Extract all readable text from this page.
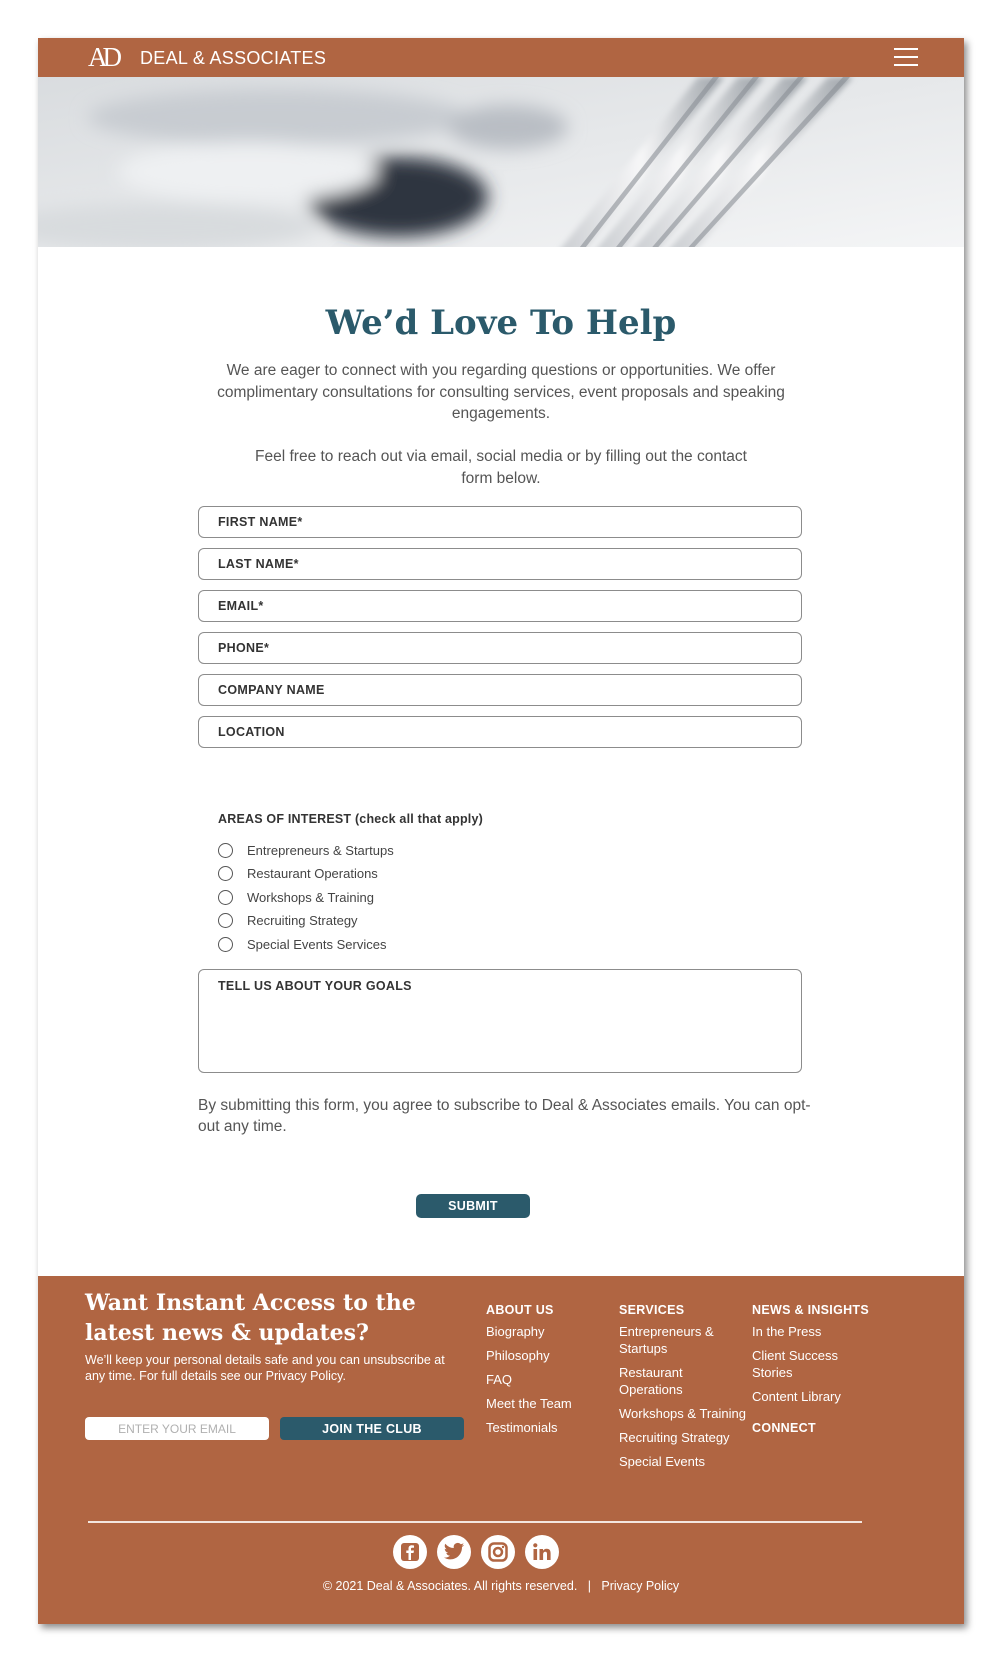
AD DEAL & ASSOCIATES
We’d Love To Help
We are eager to connect with you regarding questions or opportunities. We offer complimentary consultations for consulting services, event proposals and speaking engagements.
Feel free to reach out via email, social media or by filling out the contact form below.
FIRST NAME*
LAST NAME*
EMAIL*
PHONE*
COMPANY NAME
LOCATION
AREAS OF INTEREST (check all that apply)
Entrepreneurs & Startups
Restaurant Operations
Workshops & Training
Recruiting Strategy
Special Events Services
TELL US ABOUT YOUR GOALS
By submitting this form, you agree to subscribe to Deal & Associates emails. You can opt-out any time.
SUBMIT
Want Instant Access to the latest news & updates?
We’ll keep your personal details safe and you can unsubscribe at any time. For full details see our Privacy Policy.
ENTER YOUR EMAIL
JOIN THE CLUB
ABOUT US
Biography
Philosophy
FAQ
Meet the Team
Testimonials
SERVICES
Entrepreneurs & Startups
Restaurant Operations
Workshops & Training
Recruiting Strategy
Special Events
NEWS & INSIGHTS
In the Press
Client Success Stories
Content Library
CONNECT
© 2021 Deal & Associates. All rights reserved. | Privacy Policy
